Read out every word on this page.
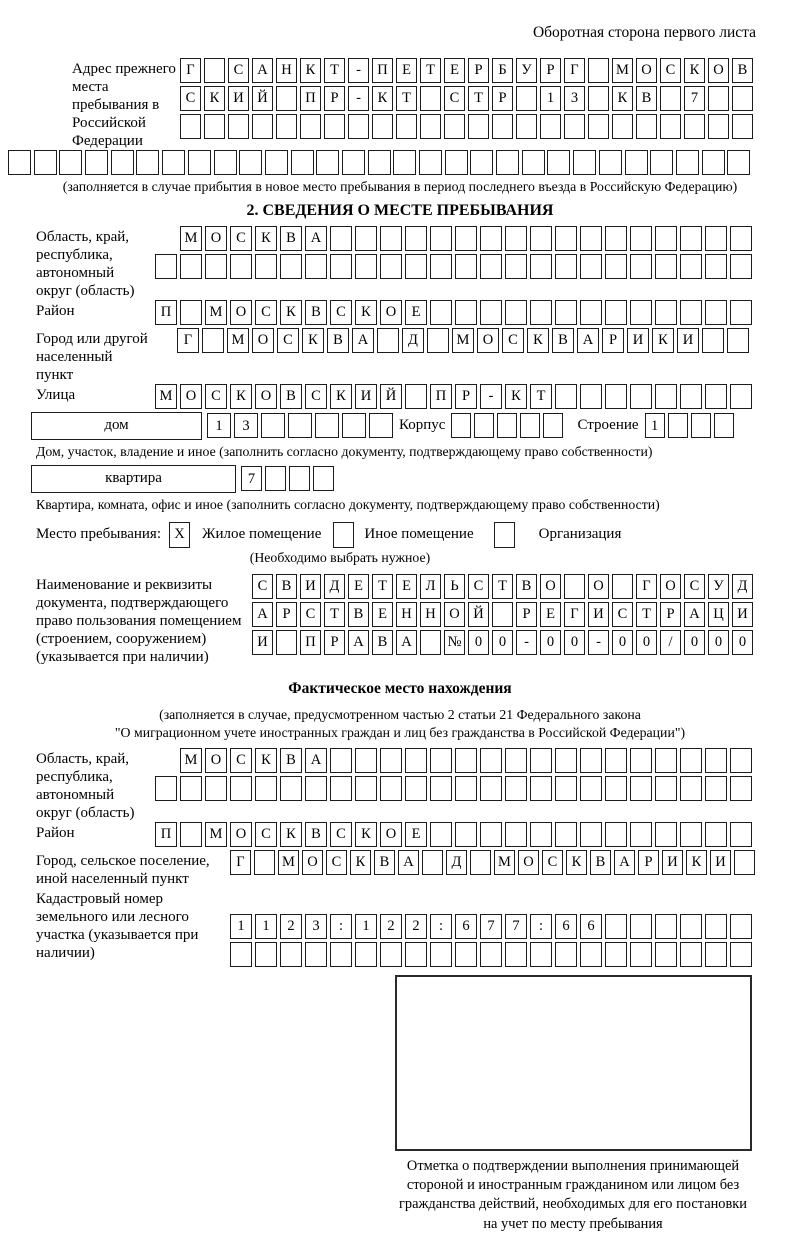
Оборотная сторона первого листа
Адрес прежнего места пребывания в Российской Федерации
Г	С А Н К	Т	-	П Е	Т	Е	Р	Б	У	Р	Г	М О С К О В
С К И Й	П	Р	-	К	Т	С	Т	Р	1	3	К В	7
(заполняется в случае прибытия в новое место пребывания в период последнего въезда в Российскую Федерацию)
2. СВЕДЕНИЯ О МЕСТЕ ПРЕБЫВАНИЯ
Область, край, республика, автономный округ (область)
М О	С	К	В	А
Район	П	М О	С	К	В	С	К	О	Е
Город или другой населенный пункт
Г	М О	С	К	В	А	Д	М О	С	К	В	А	Р	И	К	И
Улица	М О	С	К	О	В	С	К	И	Й	П	Р	-	К	Т
дом	1	3	Корпус	Строение 1
Дом, участок, владение и иное (заполнить согласно документу, подтверждающему право собственности)
квартира	7
Квартира, комната, офис и иное (заполнить согласно документу, подтверждающему право собственности)
Место пребывания: X	Жилое помещение	Иное помещение	Организация
(Необходимо выбрать нужное)
Наименование и реквизиты документа, подтверждающего право пользования помещением (строением, сооружением) (указывается при наличии)
С В И Д	Е	Т	Е	Л	Ь	С	Т	В О	О	Г	О С У Д
А	Р	С	Т	В	Е Н Н О Й	Р	Е	Г	И С	Т	Р	А Ц И
И	П	Р	А В А	№ 0	0	-	0	0	-	0	0	/	0	0	0
Фактическое место нахождения
(заполняется в случае, предусмотренном частью 2 статьи 21 Федерального закона
"О миграционном учете иностранных граждан и лиц без гражданства в Российской Федерации")
Область, край, республика, автономный округ (область)
М О	С	К	В	А
Район	П	М О	С	К	В	С	К	О	Е
Город, сельское поселение, иной населенный пункт
Г	М О С К В А	Д	М О С К В А	Р	И К И
Кадастровый номер земельного или лесного участка (указывается при наличии)
1	1	2	3	:	1	2	2	:	6	7	7	:	6	6
Отметка о подтверждении выполнения принимающей
стороной и иностранным гражданином или лицом без
гражданства действий, необходимых для его постановки
на учет по месту пребывания
